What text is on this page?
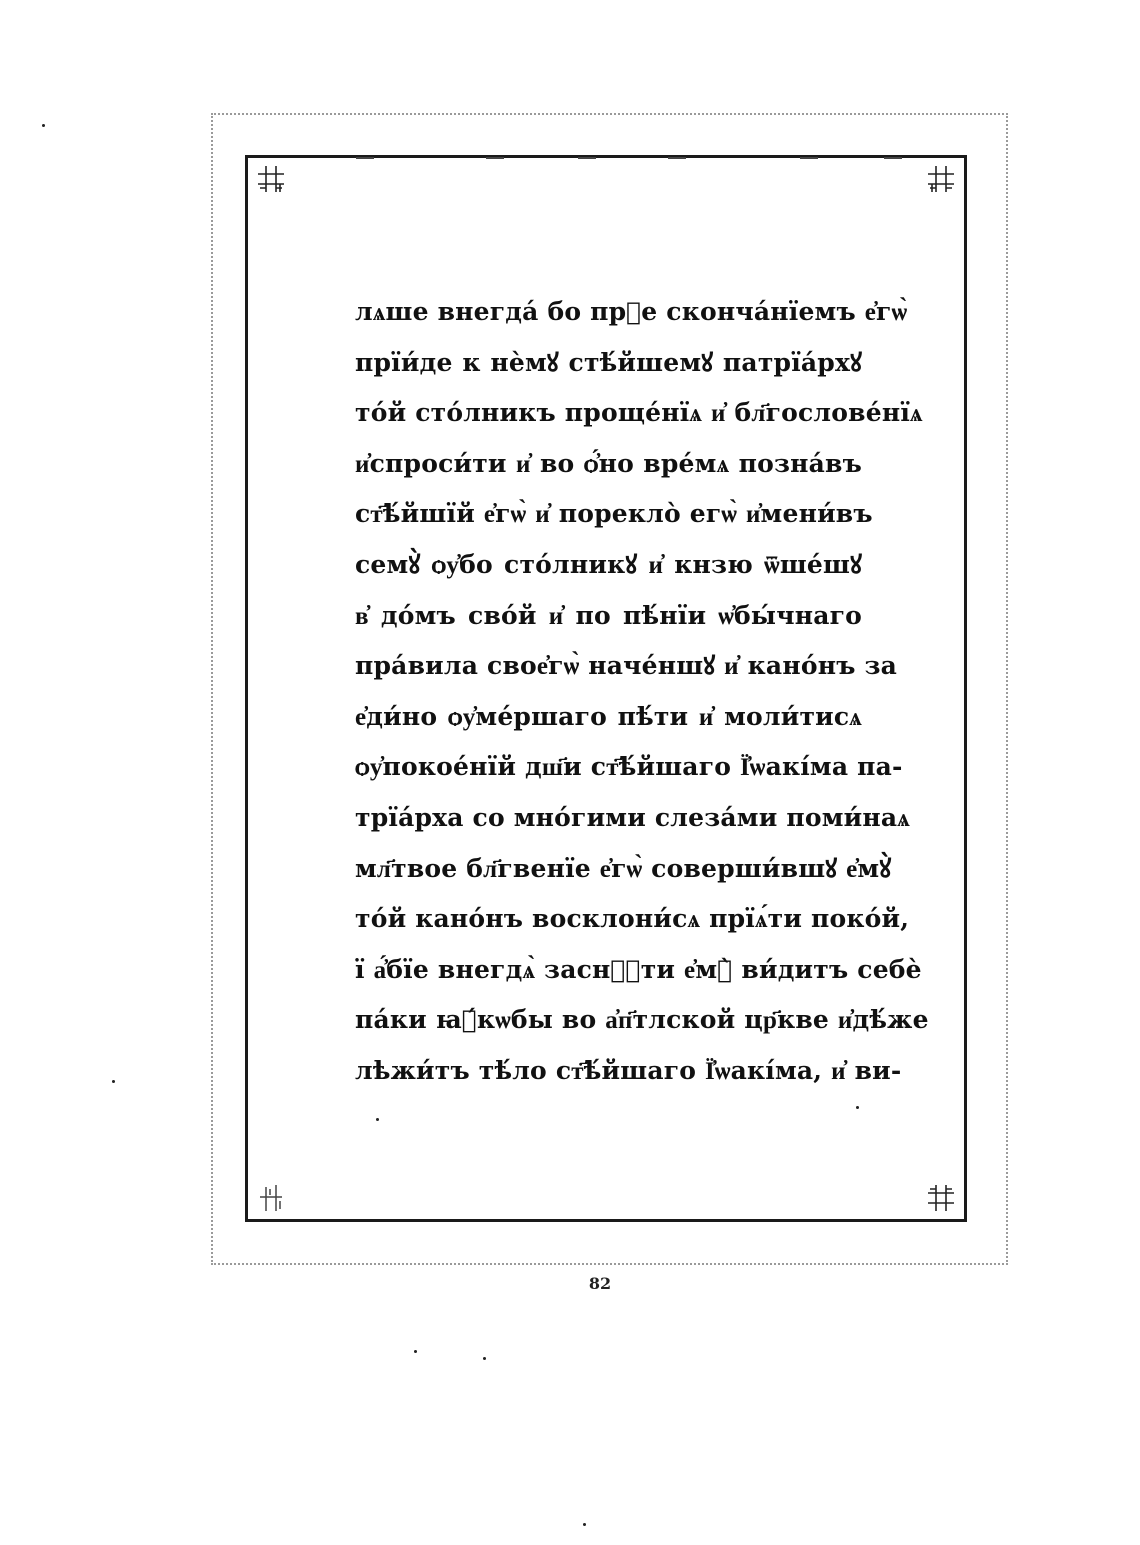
лѧше внегдá бо прⷣе скончáнїемъ е҆гѡ̀
прїи́де к нѐмꙋ стѣ́йшемꙋ патрїа́рхꙋ
то́й сто́лникъ проще́нїѧ и҆ бл҃гослове́нїѧ
и҆спроси́ти и҆ во ѻ҆́но вре́мѧ позна́въ
ст҃ѣ́йшїй е҆гѡ̀ и҆ порекло̀ егѡ̀ и҆мени́въ
семꙋ̀ ѻу҆бо сто́лникꙋ и҆ кнзю ѿше́шꙋ
в҆ до́мъ сво́й и҆ по пѣ́нїи ѡ҆бы́чнаго
пра́вила свое҆гѡ̀ наче́ншꙋ и҆ кано́нъ за
е҆ди́но ѻу҆ме́ршаго пѣ́ти и҆ моли́тисѧ
ѻу҆покое́нїй дш҃и ст҃ѣ́йшаго Ї҆ѡакі́ма па-
трїа́рха со мно́гими слеза́ми поми́наѧ
мл҃твое бл҃гвенїе е҆гѡ̀ соверши́вшꙋ е҆мꙋ̀
то́й кано́нъ восклони́сѧ прїѧ́ти поко́й,
ї а҆́бїе внегдѧ̀ засн꙽ꙋти е҆мꙋ̀ ви́дитъ себѐ
па́ки ꙗ҆́кѡбы во а҆п҃тлской цр҃кве и҆дѣ́же
лѣжи́тъ тѣ́ло ст҃ѣ́йшаго Ї҆ѡакі́ма, и҆ ви-
82
